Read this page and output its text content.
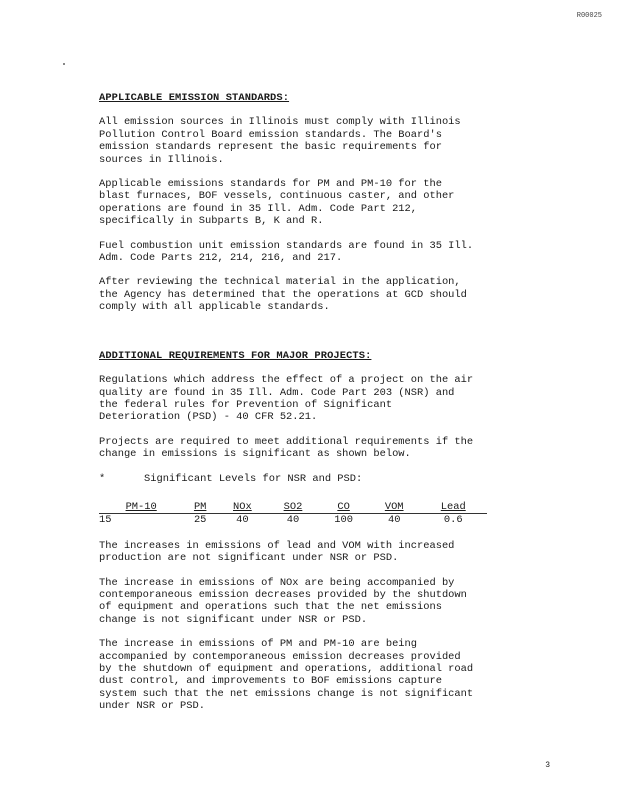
R00025
APPLICABLE EMISSION STANDARDS:

All emission sources in Illinois must comply with Illinois
Pollution Control Board emission standards. The Board's
emission standards represent the basic requirements for
sources in Illinois.

Applicable emissions standards for PM and PM-10 for the
blast furnaces, BOF vessels, continuous caster, and other
operations are found in 35 Ill. Adm. Code Part 212,
specifically in Subparts B, K and R.

Fuel combustion unit emission standards are found in 35 Ill.
Adm. Code Parts 212, 214, 216, and 217.

After reviewing the technical material in the application,
the Agency has determined that the operations at GCD should
comply with all applicable standards.

ADDITIONAL REQUIREMENTS FOR MAJOR PROJECTS:

Regulations which address the effect of a project on the air
quality are found in 35 Ill. Adm. Code Part 203 (NSR) and
the federal rules for Prevention of Significant
Deterioration (PSD) - 40 CFR 52.21.

Projects are required to meet additional requirements if the
change in emissions is significant as shown below.

*	Significant Levels for NSR and PSD:
PM-10	PM	NOx	SO2	CO	VOM	Lead
15	25	40	40	100	40	0.6

The increases in emissions of lead and VOM with increased
production are not significant under NSR or PSD.

The increase in emissions of NOx are being accompanied by
contemporaneous emission decreases provided by the shutdown
of equipment and operations such that the net emissions
change is not significant under NSR or PSD.

The increase in emissions of PM and PM-10 are being
accompanied by contemporaneous emission decreases provided
by the shutdown of equipment and operations, additional road
dust control, and improvements to BOF emissions capture
system such that the net emissions change is not significant
under NSR or PSD.

3
